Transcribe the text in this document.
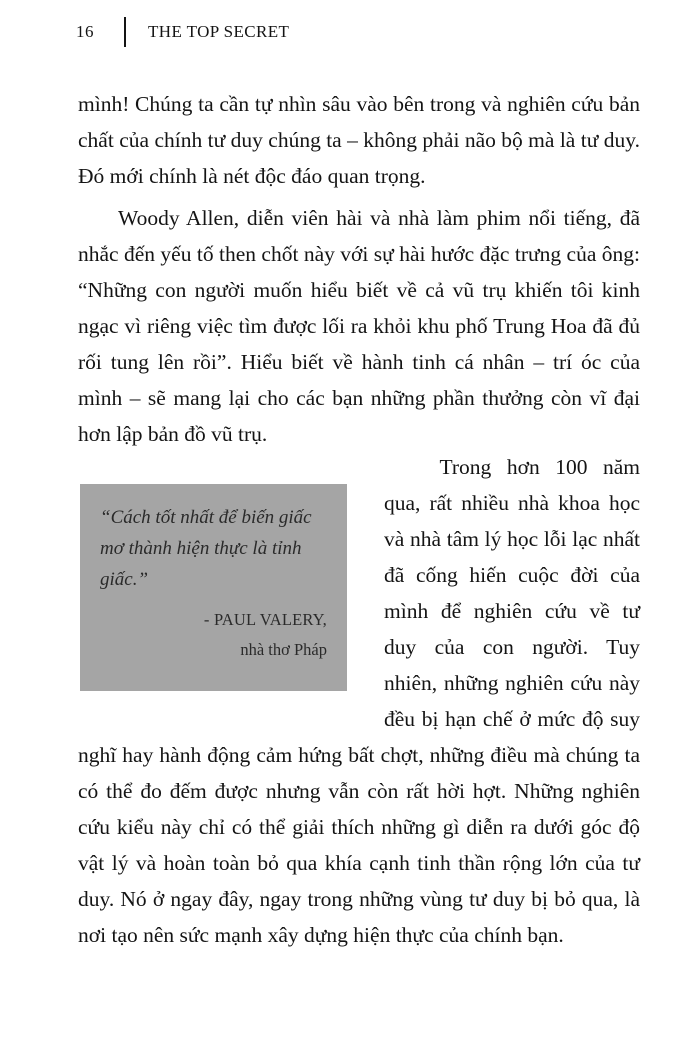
16	THE TOP SECRET

mình! Chúng ta cần tự nhìn sâu vào bên trong và nghiên cứu bản chất của chính tư duy chúng ta – không phải não bộ mà là tư duy. Đó mới chính là nét độc đáo quan trọng.

Woody Allen, diễn viên hài và nhà làm phim nổi tiếng, đã nhắc đến yếu tố then chốt này với sự hài hước đặc trưng của ông: “Những con người muốn hiểu biết về cả vũ trụ khiến tôi kinh ngạc vì riêng việc tìm được lối ra khỏi khu phố Trung Hoa đã đủ rối tung lên rồi”. Hiểu biết về hành tinh cá nhân – trí óc của mình – sẽ mang lại cho các bạn những phần thưởng còn vĩ đại hơn lập bản đồ vũ trụ.

Trong hơn 100 năm qua, rất nhiều nhà khoa học và nhà tâm lý học lỗi lạc nhất đã cống hiến cuộc đời của mình để nghiên cứu về tư duy của con người. Tuy nhiên, những nghiên cứu này đều bị hạn chế ở mức độ suy nghĩ hay hành động cảm hứng bất chợt, những điều mà chúng ta có thể đo đếm được nhưng vẫn còn rất hời hợt. Những nghiên cứu kiểu này chỉ có thể giải thích những gì diễn ra dưới góc độ vật lý và hoàn toàn bỏ qua khía cạnh tinh thần rộng lớn của tư duy. Nó ở ngay đây, ngay trong những vùng tư duy bị bỏ qua, là nơi tạo nên sức mạnh xây dựng hiện thực của chính bạn.

“Cách tốt nhất để biến giấc mơ thành hiện thực là tỉnh giấc.”

- PAUL VALERY,
nhà thơ Pháp
